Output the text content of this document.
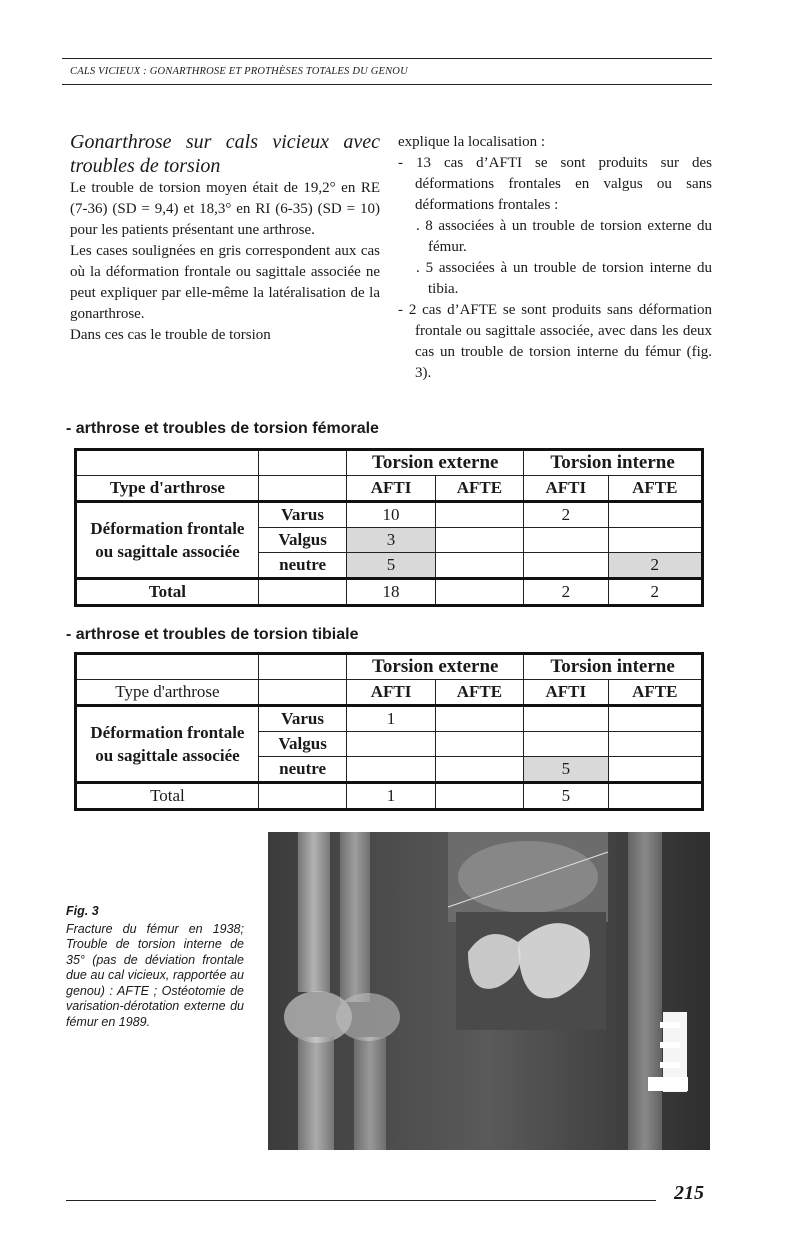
CALS VICIEUX : GONARTHROSE ET PROTHÈSES TOTALES DU GENOU

Gonarthrose sur cals vicieux avec troubles de torsion

Le trouble de torsion moyen était de 19,2° en RE (7-36) (SD = 9,4) et 18,3° en RI (6-35) (SD = 10) pour les patients présentant une arthrose.

Les cases soulignées en gris correspondent aux cas où la déformation frontale ou sagittale associée ne peut expliquer par elle-même la latéralisation de la gonarthrose.

Dans ces cas le trouble de torsion

explique la localisation :

- 13 cas d’AFTI se sont produits sur des déformations frontales en valgus ou sans déformations frontales :

. 8 associées à un trouble de torsion externe du fémur.

. 5 associées à un trouble de torsion interne du tibia.

- 2 cas d’AFTE se sont produits sans déformation frontale ou sagittale associée, avec dans les deux cas un trouble de torsion interne du fémur (fig. 3).

- arthrose et troubles de torsion fémorale
		Torsion externe		Torsion interne	
Type d'arthrose		AFTI	AFTE	AFTI	AFTE
Déformation frontale ou sagittale associée	Varus	10		2	
	Valgus	3			
	neutre	5			2
Total		18		2	2
- arthrose et troubles de torsion tibiale
		Torsion externe		Torsion interne	
Type d'arthrose		AFTI	AFTE	AFTI	AFTE
Déformation frontale ou sagittale associée	Varus	1			
	Valgus				
	neutre			5	
Total		1		5	
Fig. 3
Fracture du fémur en 1938; Trouble de torsion interne de 35° (pas de déviation frontale due au cal vicieux, rapportée au genou) : AFTE ; Ostéotomie de varisation-dérotation externe du fémur en 1989.
215
